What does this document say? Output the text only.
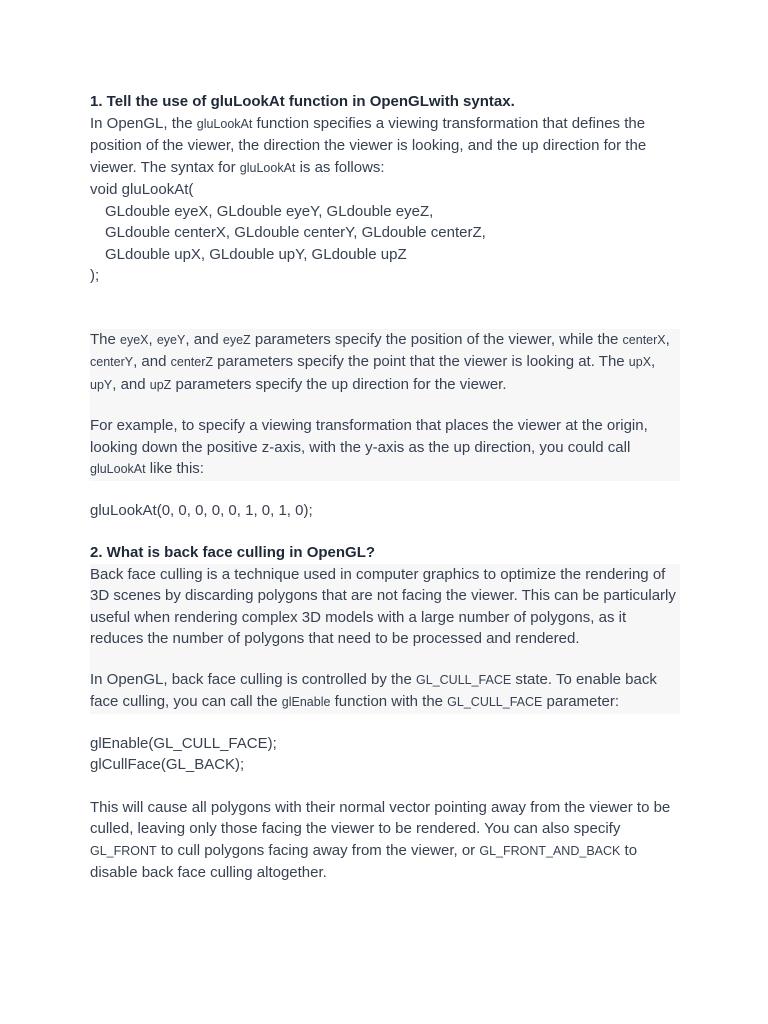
1. Tell the use of gluLookAt function in OpenGLwith syntax.

In OpenGL, the gluLookAt function specifies a viewing transformation that defines the position of the viewer, the direction the viewer is looking, and the up direction for the viewer. The syntax for gluLookAt is as follows:

void gluLookAt(

GLdouble eyeX, GLdouble eyeY, GLdouble eyeZ,

GLdouble centerX, GLdouble centerY, GLdouble centerZ,

GLdouble upX, GLdouble upY, GLdouble upZ

);

The eyeX, eyeY, and eyeZ parameters specify the position of the viewer, while the centerX, centerY, and centerZ parameters specify the point that the viewer is looking at. The upX, upY, and upZ parameters specify the up direction for the viewer.

For example, to specify a viewing transformation that places the viewer at the origin, looking down the positive z-axis, with the y-axis as the up direction, you could call gluLookAt like this:

gluLookAt(0, 0, 0, 0, 0, 1, 0, 1, 0);

2. What is back face culling in OpenGL?

Back face culling is a technique used in computer graphics to optimize the rendering of 3D scenes by discarding polygons that are not facing the viewer. This can be particularly useful when rendering complex 3D models with a large number of polygons, as it reduces the number of polygons that need to be processed and rendered.

In OpenGL, back face culling is controlled by the GL_CULL_FACE state. To enable back face culling, you can call the glEnable function with the GL_CULL_FACE parameter:

glEnable(GL_CULL_FACE);

glCullFace(GL_BACK);

This will cause all polygons with their normal vector pointing away from the viewer to be culled, leaving only those facing the viewer to be rendered. You can also specify GL_FRONT to cull polygons facing away from the viewer, or GL_FRONT_AND_BACK to disable back face culling altogether.
